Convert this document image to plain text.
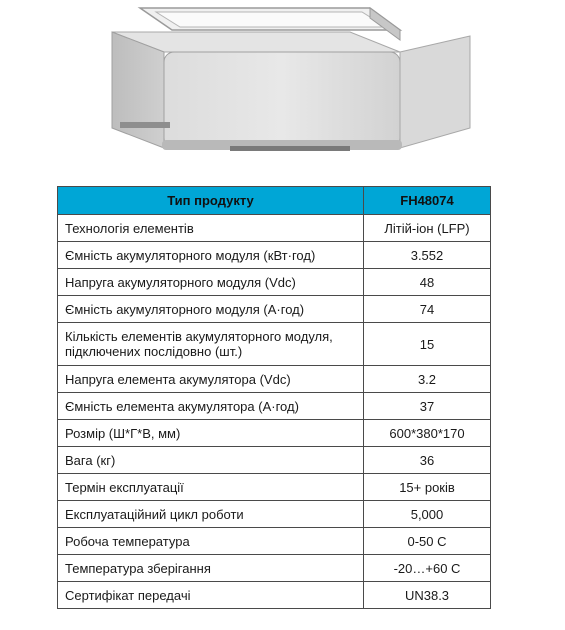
Тип продукту	FH48074
Технологія елементів	Літій-іон (LFP)
Ємність акумуляторного модуля (кВт·год)	3.552
Напруга акумуляторного модуля (Vdc)	48
Ємність акумуляторного модуля (А·год)	74
Кількість елементів акумуляторного модуля, підключених послідовно (шт.)	15
Напруга елемента акумулятора (Vdc)	3.2
Ємність елемента акумулятора (А·год)	37
Розмір (Ш*Г*В, мм)	600*380*170
Вага (кг)	36
Термін експлуатації	15+ років
Експлуатаційний цикл роботи	5,000
Робоча температура	0-50 С
Температура зберігання	-20…+60 С
Сертифікат передачі	UN38.3
